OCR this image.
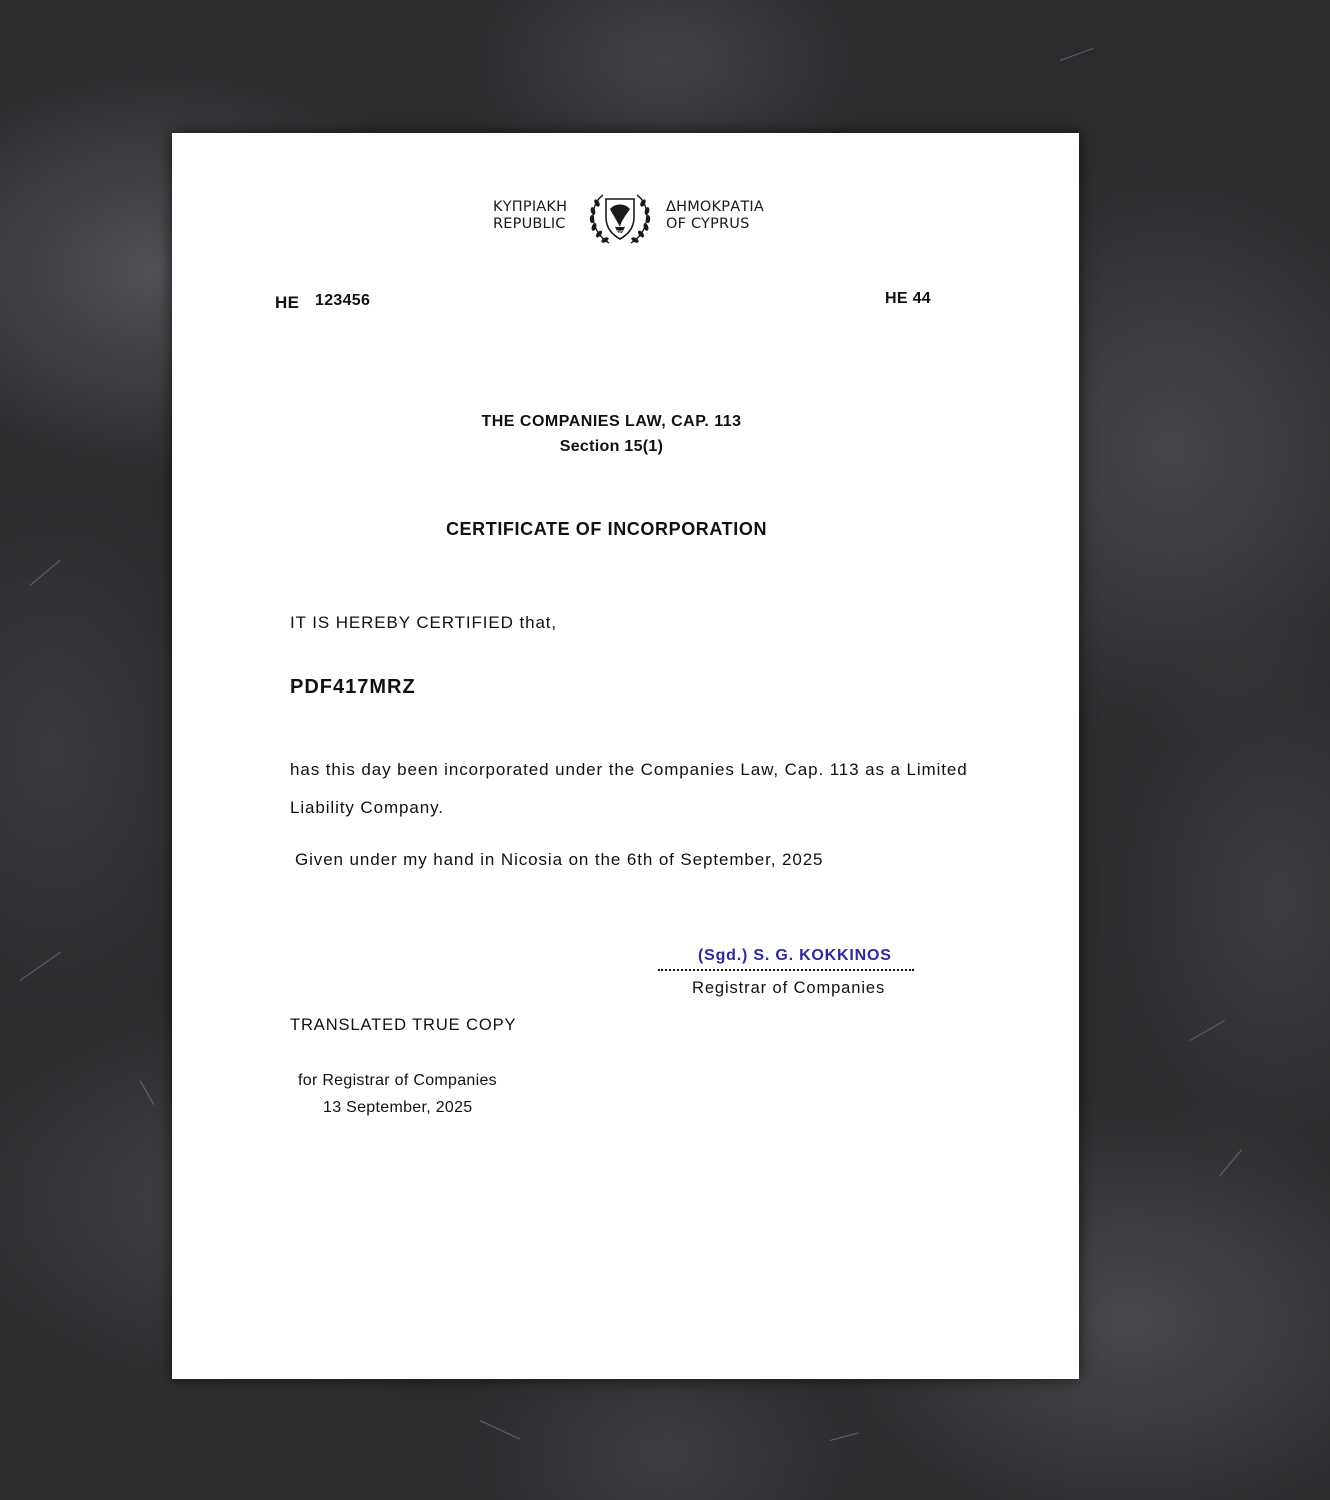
ΚΥΠΡΙΑΚΗ
REPUBLIC
1960
ΔΗΜΟΚΡΑΤΙΑ
OF CYPRUS
HE 123456	HE 44
THE COMPANIES LAW, CAP. 113
Section 15(1)
CERTIFICATE OF INCORPORATION
IT IS HEREBY CERTIFIED that,
PDF417MRZ
has this day been incorporated under the Companies Law, Cap. 113 as a Limited
Liability Company.
Given under my hand in Nicosia on the 6th of September, 2025
(Sgd.) S. G. KOKKINOS
Registrar of Companies
TRANSLATED TRUE COPY
for Registrar of Companies
13 September, 2025
